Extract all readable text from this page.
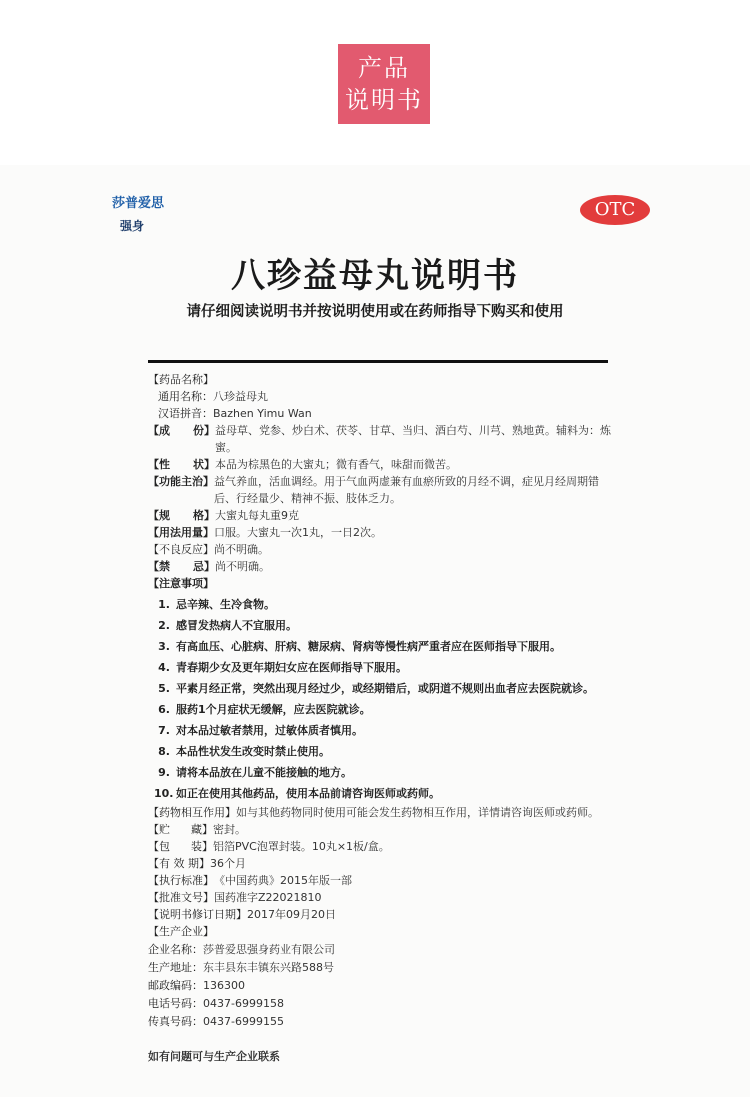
产品
说明书
莎普爱思
强身
OTC
八珍益母丸说明书
请仔细阅读说明书并按说明使用或在药师指导下购买和使用
【药品名称】
通用名称： 八珍益母丸
汉语拼音： Bazhen Yimu Wan
【成      份】 益母草、党参、炒白术、茯苓、甘草、当归、酒白芍、川芎、熟地黄。辅料为：炼蜜。
【性      状】 本品为棕黑色的大蜜丸；微有香气，味甜而微苦。
【功能主治】 益气养血，活血调经。用于气血两虚兼有血瘀所致的月经不调，症见月经周期错后、行经量少、精神不振、肢体乏力。
【规      格】 大蜜丸每丸重9克
【用法用量】 口服。大蜜丸一次1丸，一日2次。
【不良反应】 尚不明确。
【禁      忌】 尚不明确。
【注意事项】
1. 忌辛辣、生冷食物。
2. 感冒发热病人不宜服用。
3. 有高血压、心脏病、肝病、糖尿病、肾病等慢性病严重者应在医师指导下服用。
4. 青春期少女及更年期妇女应在医师指导下服用。
5. 平素月经正常，突然出现月经过少，或经期错后，或阴道不规则出血者应去医院就诊。
6. 服药1个月症状无缓解，应去医院就诊。
7. 对本品过敏者禁用，过敏体质者慎用。
8. 本品性状发生改变时禁止使用。
9. 请将本品放在儿童不能接触的地方。
10. 如正在使用其他药品，使用本品前请咨询医师或药师。
【药物相互作用】 如与其他药物同时使用可能会发生药物相互作用，详情请咨询医师或药师。
【贮      藏】 密封。
【包      装】 铝箔PVC泡罩封装。10丸×1板/盒。
【有 效 期】 36个月
【执行标准】 《中国药典》2015年版一部
【批准文号】 国药准字Z22021810
【说明书修订日期】 2017年09月20日
【生产企业】
企业名称： 莎普爱思强身药业有限公司
生产地址： 东丰县东丰镇东兴路588号
邮政编码： 136300
电话号码： 0437-6999158
传真号码： 0437-6999155
如有问题可与生产企业联系
